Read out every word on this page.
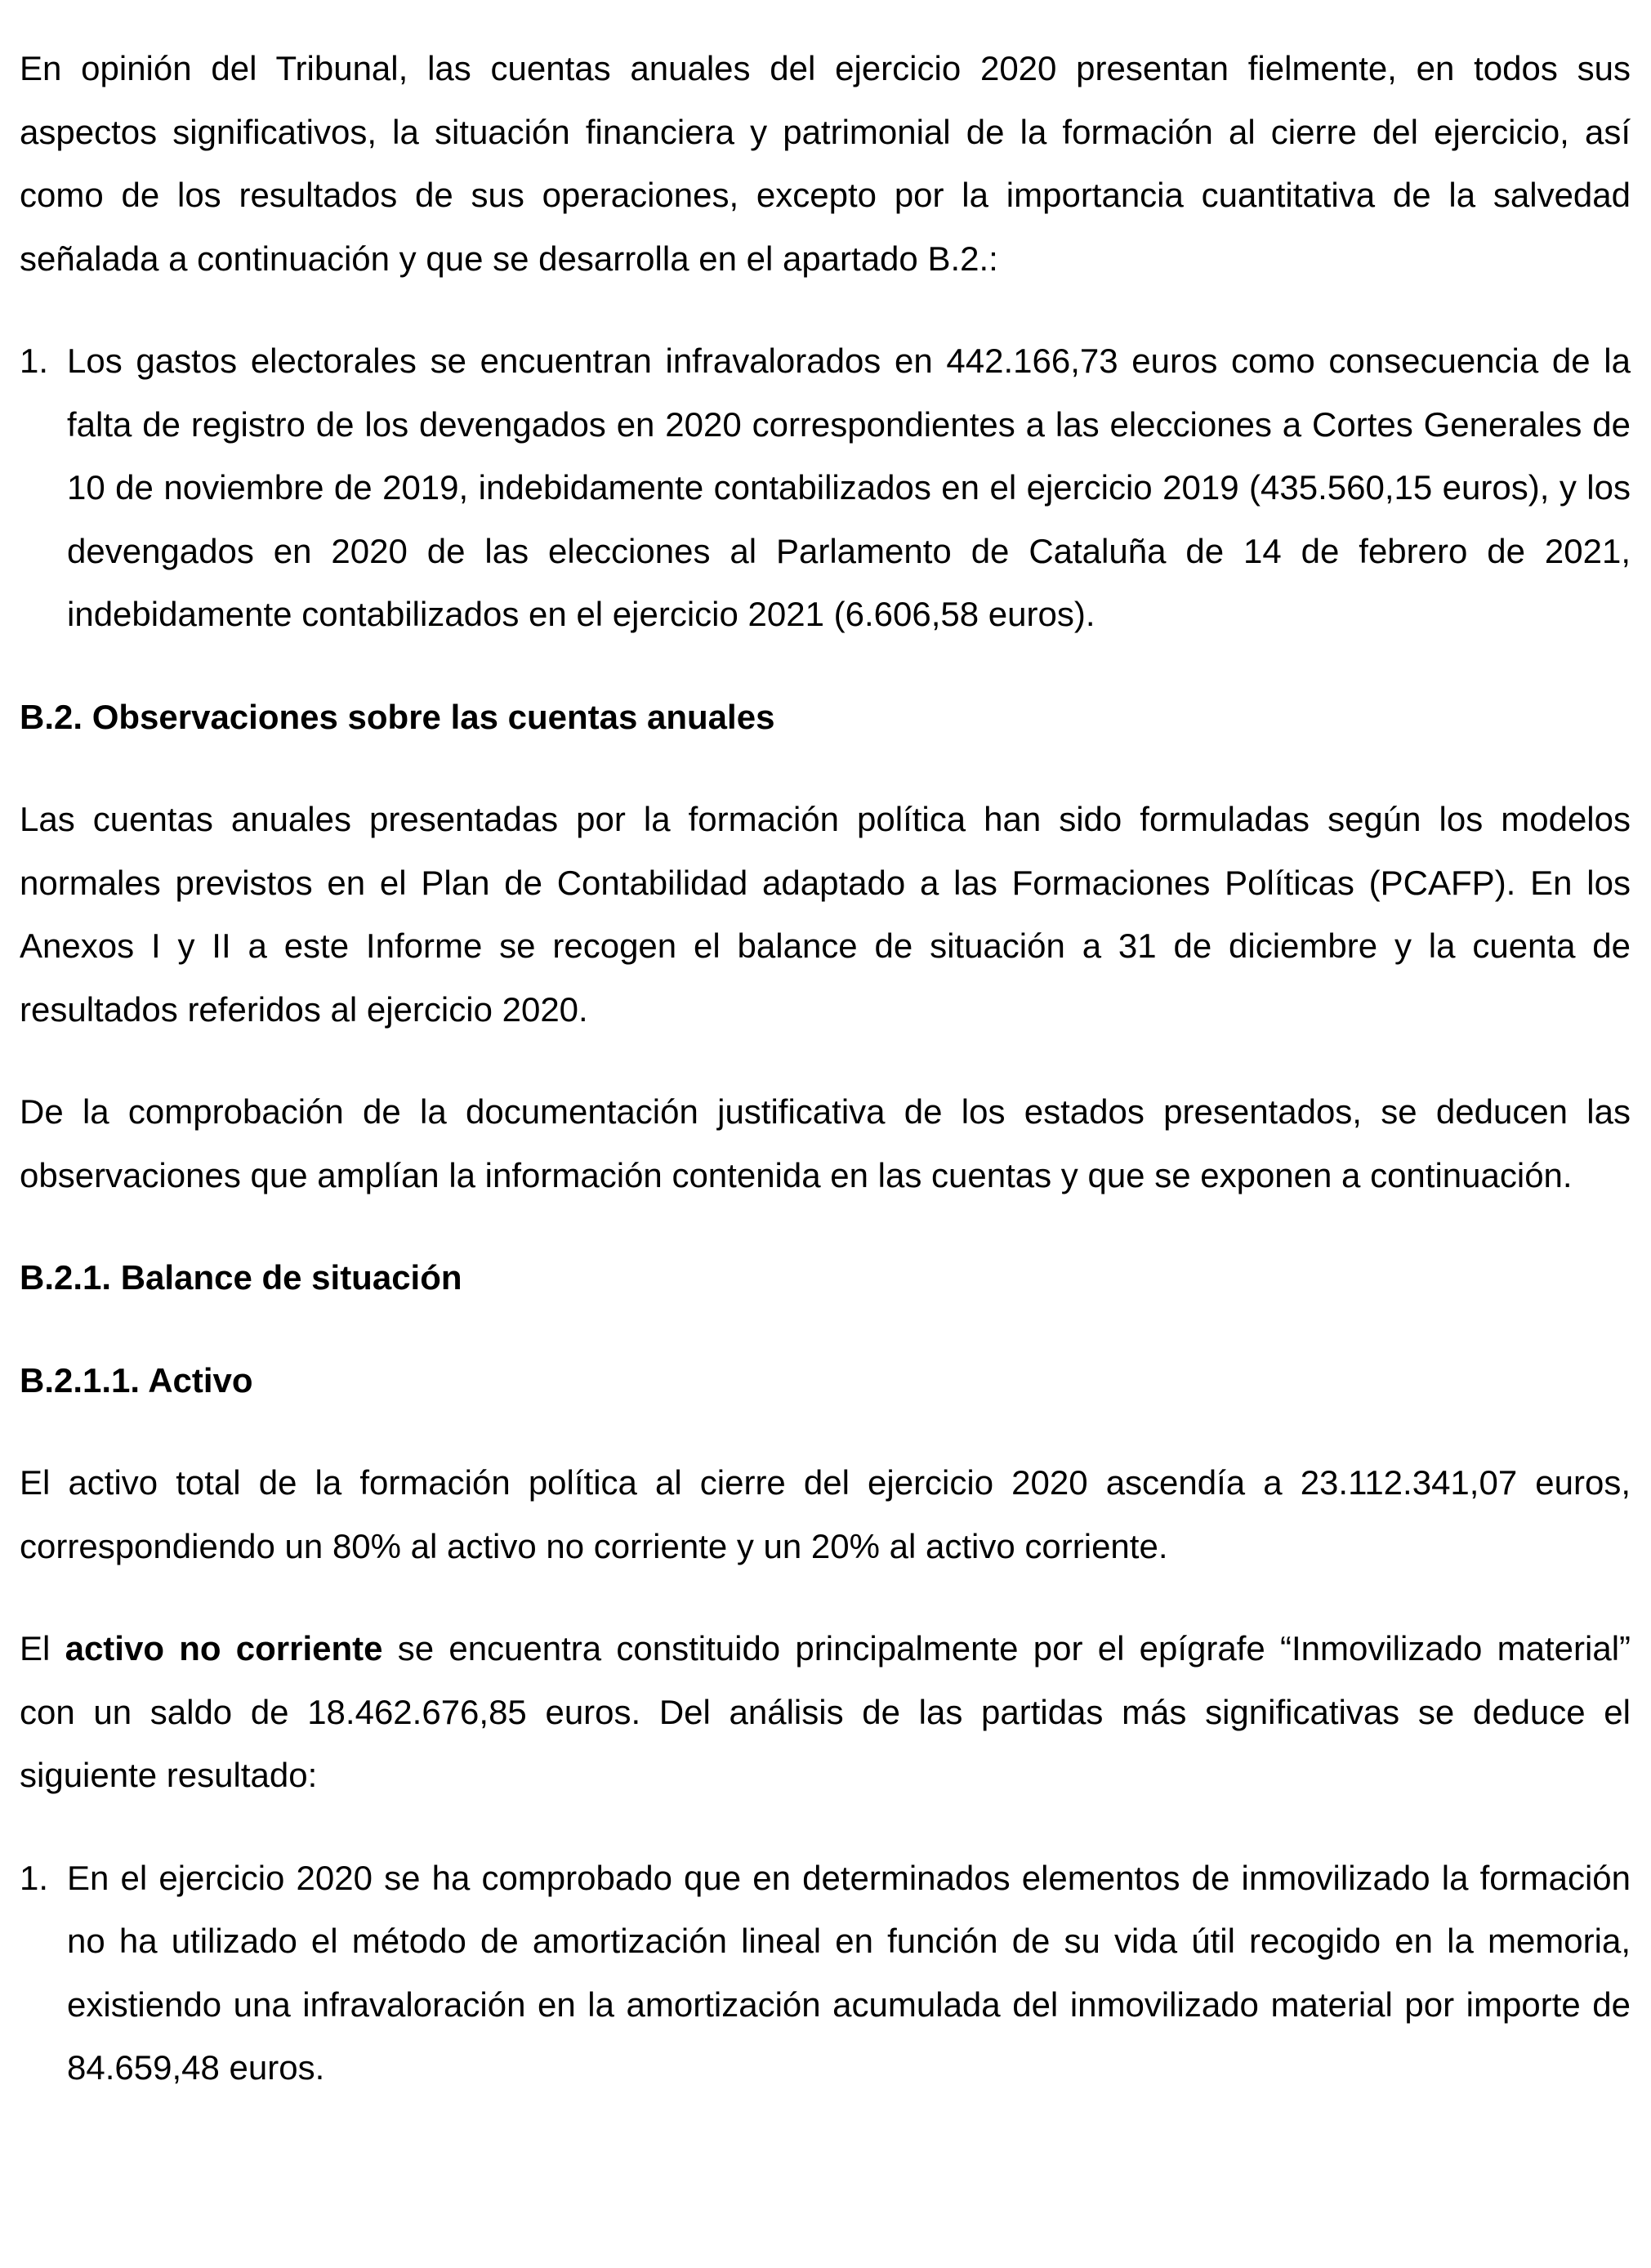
En opinión del Tribunal, las cuentas anuales del ejercicio 2020 presentan fielmente, en todos sus aspectos significativos, la situación financiera y patrimonial de la formación al cierre del ejercicio, así como de los resultados de sus operaciones, excepto por la importancia cuantitativa de la salvedad señalada a continuación y que se desarrolla en el apartado B.2.:

1. Los gastos electorales se encuentran infravalorados en 442.166,73 euros como consecuencia de la falta de registro de los devengados en 2020 correspondientes a las elecciones a Cortes Generales de 10 de noviembre de 2019, indebidamente contabilizados en el ejercicio 2019 (435.560,15 euros), y los devengados en 2020 de las elecciones al Parlamento de Cataluña de 14 de febrero de 2021, indebidamente contabilizados en el ejercicio 2021 (6.606,58 euros).
B.2. Observaciones sobre las cuentas anuales

Las cuentas anuales presentadas por la formación política han sido formuladas según los modelos normales previstos en el Plan de Contabilidad adaptado a las Formaciones Políticas (PCAFP). En los Anexos I y II a este Informe se recogen el balance de situación a 31 de diciembre y la cuenta de resultados referidos al ejercicio 2020.

De la comprobación de la documentación justificativa de los estados presentados, se deducen las observaciones que amplían la información contenida en las cuentas y que se exponen a continuación.

B.2.1. Balance de situación
B.2.1.1. Activo

El activo total de la formación política al cierre del ejercicio 2020 ascendía a 23.112.341,07 euros, correspondiendo un 80% al activo no corriente y un 20% al activo corriente.

El activo no corriente se encuentra constituido principalmente por el epígrafe “Inmovilizado material” con un saldo de 18.462.676,85 euros. Del análisis de las partidas más significativas se deduce el siguiente resultado:

1. En el ejercicio 2020 se ha comprobado que en determinados elementos de inmovilizado la formación no ha utilizado el método de amortización lineal en función de su vida útil recogido en la memoria, existiendo una infravaloración en la amortización acumulada del inmovilizado material por importe de 84.659,48 euros.
